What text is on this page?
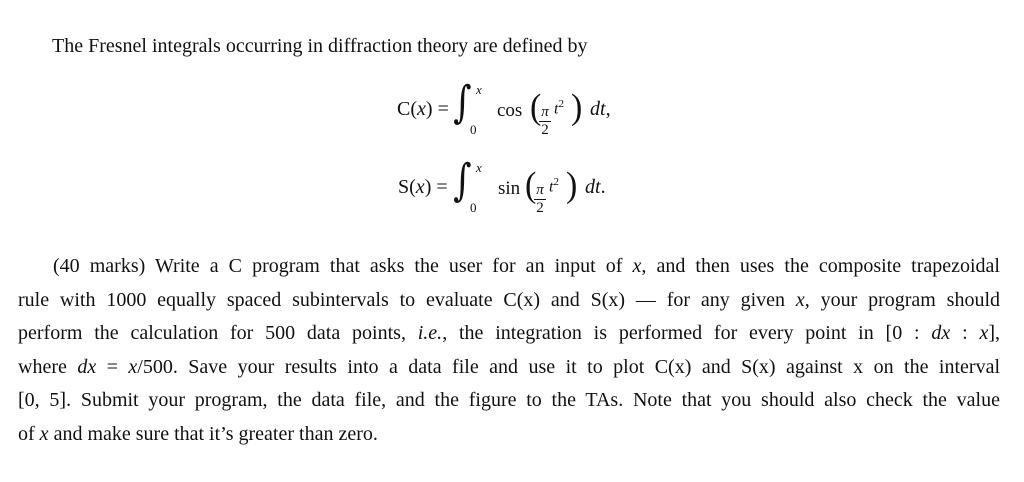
The Fresnel integrals occurring in diffraction theory are defined by
C(x) = ∫ x
0
cos (
$\frac{\pi}{2} t^2$ ) dt,
S(x) = ∫ x
0
sin (
$\frac{\pi}{2} t^2$ ) dt.
(40 marks) Write a C program that asks the user for an input of x, and then uses the composite trapezoidal
rule with 1000 equally spaced subintervals to evaluate C(x) and S(x) — for any given x, your program should
perform the calculation for 500 data points, i.e., the integration is performed for every point in [0 : dx : x],
where dx = x/500. Save your results into a data file and use it to plot C(x) and S(x) against x on the interval
[0, 5]. Submit your program, the data file, and the figure to the TAs. Note that you should also check the value
of x and make sure that it’s greater than zero.
